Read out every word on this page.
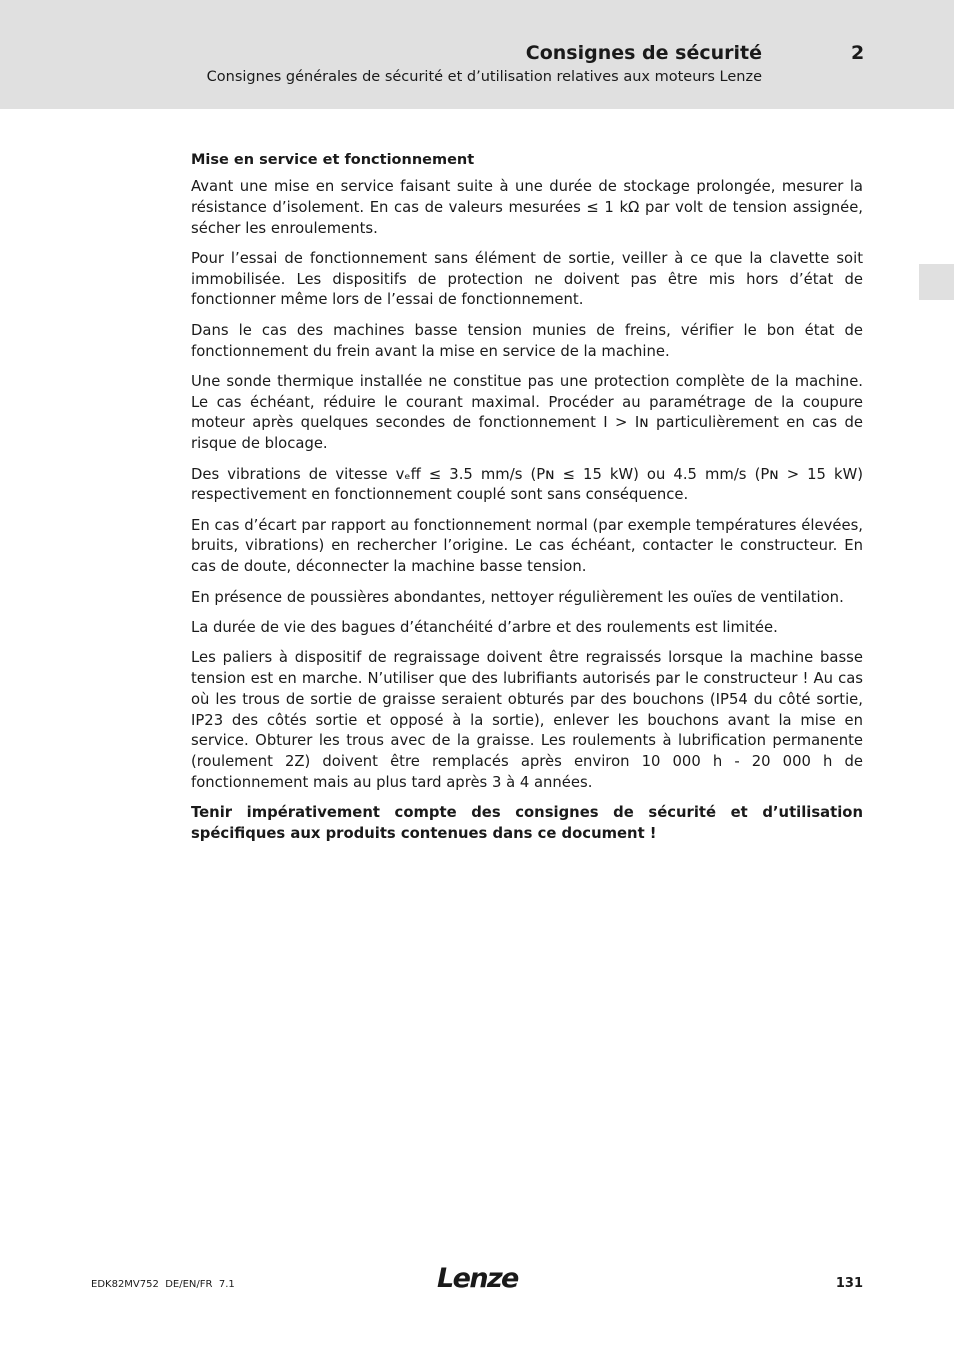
Consignes de sécurité	2
Consignes générales de sécurité et d’utilisation relatives aux moteurs Lenze
Mise en service et fonctionnement

Avant une mise en service faisant suite à une durée de stockage prolongée, mesurer la résistance d’isolement. En cas de valeurs mesurées ≤ 1 kΩ par volt de tension assignée, sécher les enroulements.

Pour l’essai de fonctionnement sans élément de sortie, veiller à ce que la clavette soit immobilisée. Les dispositifs de protection ne doivent pas être mis hors d’état de fonctionner même lors de l’essai de fonctionnement.

Dans le cas des machines basse tension munies de freins, vérifier le bon état de fonctionnement du frein avant la mise en service de la machine.

Une sonde thermique installée ne constitue pas une protection complète de la machine. Le cas échéant, réduire le courant maximal. Procéder au paramétrage de la coupure moteur après quelques secondes de fonctionnement I > Iɴ particulièrement en cas de risque de blocage.

Des vibrations de vitesse vₑff ≤ 3.5 mm/s (Pɴ ≤ 15 kW) ou 4.5 mm/s (Pɴ > 15 kW) respectivement en fonctionnement couplé sont sans conséquence.

En cas d’écart par rapport au fonctionnement normal (par exemple températures élevées, bruits, vibrations) en rechercher l’origine. Le cas échéant, contacter le constructeur. En cas de doute, déconnecter la machine basse tension.

En présence de poussières abondantes, nettoyer régulièrement les ouïes de ventilation.

La durée de vie des bagues d’étanchéité d’arbre et des roulements est limitée.

Les paliers à dispositif de regraissage doivent être regraissés lorsque la machine basse tension est en marche. N’utiliser que des lubrifiants autorisés par le constructeur ! Au cas où les trous de sortie de graisse seraient obturés par des bouchons (IP54 du côté sortie, IP23 des côtés sortie et opposé à la sortie), enlever les bouchons avant la mise en service. Obturer les trous avec de la graisse. Les roulements à lubrification permanente (roulement 2Z) doivent être remplacés après environ 10 000 h - 20 000 h de fonctionnement mais au plus tard après 3 à 4 années.

Tenir impérativement compte des consignes de sécurité et d’utilisation spécifiques aux produits contenues dans ce document !

EDK82MV752  DE/EN/FR  7.1	Lenze	131
